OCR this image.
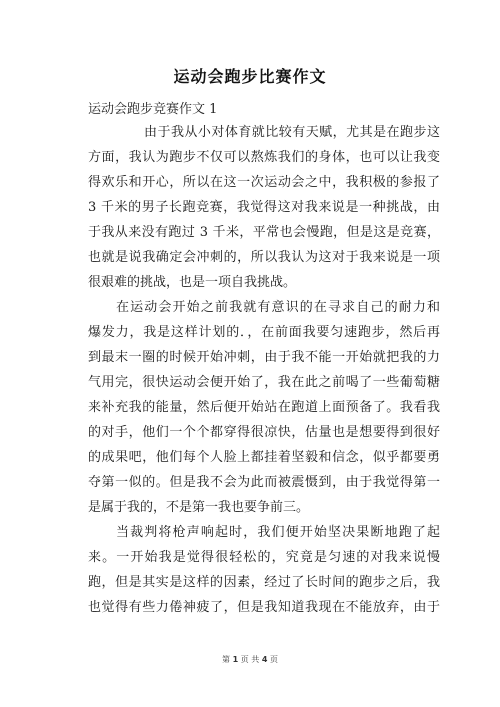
运动会跑步比赛作文
运动会跑步竞赛作文 1
由于我从小对体育就比较有天赋，尤其是在跑步这
方面，我认为跑步不仅可以熬炼我们的身体，也可以让我变
得欢乐和开心，所以在这一次运动会之中，我积极的参报了
3 千米的男子长跑竞赛，我觉得这对我来说是一种挑战，由
于我从来没有跑过 3 千米，平常也会慢跑，但是这是竞赛，
也就是说我确定会冲刺的，所以我认为这对于我来说是一项
很艰难的挑战，也是一项自我挑战。
在运动会开始之前我就有意识的在寻求自己的耐力和
爆发力，我是这样计划的．，在前面我要匀速跑步，然后再
到最末一圈的时候开始冲刺，由于我不能一开始就把我的力
气用完，很快运动会便开始了，我在此之前喝了一些葡萄糖
来补充我的能量，然后便开始站在跑道上面预备了。我看我
的对手，他们一个个都穿得很凉快，估量也是想要得到很好
的成果吧，他们每个人脸上都挂着坚毅和信念，似乎都要勇
夺第一似的。但是我不会为此而被震慑到，由于我觉得第一
是属于我的，不是第一我也要争前三。
当裁判将枪声响起时，我们便开始坚决果断地跑了起
来。一开始我是觉得很轻松的，究竟是匀速的对我来说慢
跑，但是其实是这样的因素，经过了长时间的跑步之后，我
也觉得有些力倦神疲了，但是我知道我现在不能放弃，由于
第 1 页 共 4 页
